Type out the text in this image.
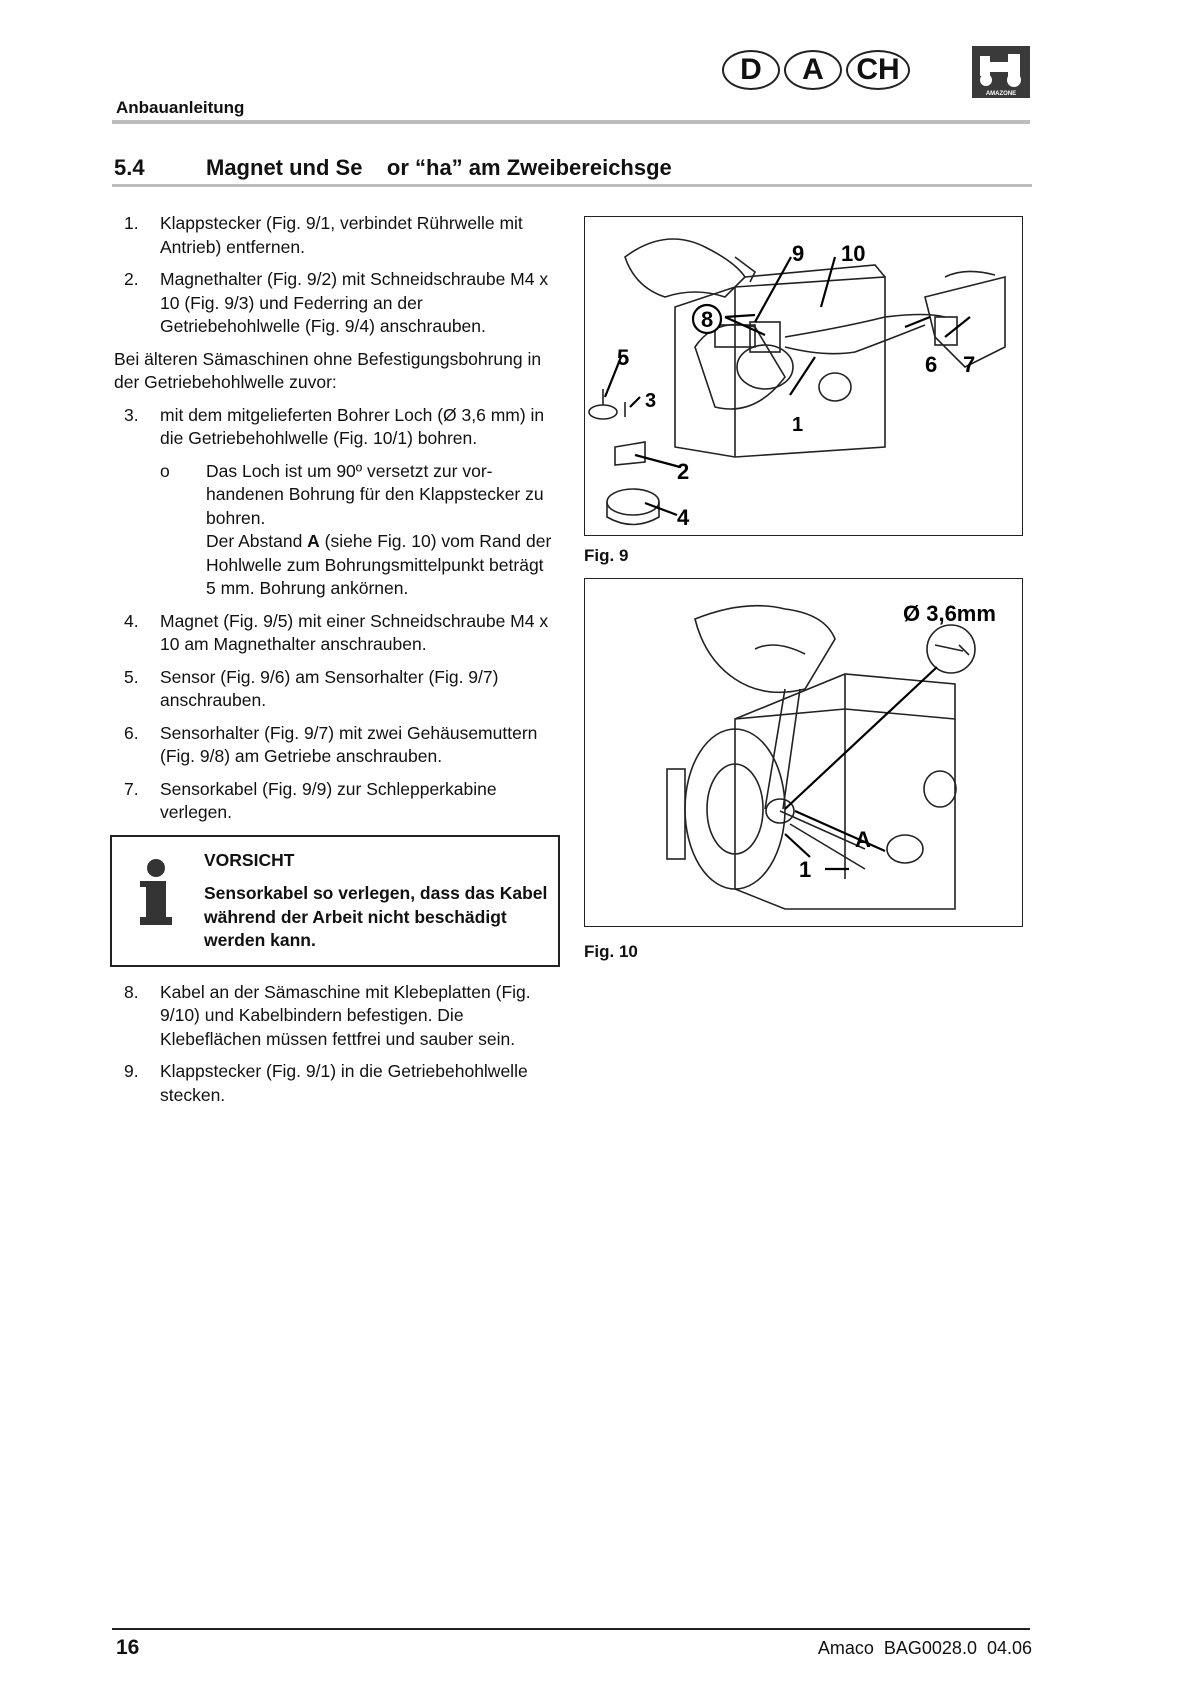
Anbauanleitung
D	A	CH
AMAZONE
5.4	Magnet und Se    or “ha” am Zweibereichsge
1.	Klappstecker (Fig. 9/1, verbindet Rührwelle mit Antrieb) entfernen.
2.	Magnethalter (Fig. 9/2) mit Schneidschraube M4 x 10 (Fig. 9/3) und Federring an der Getriebehohlwelle (Fig. 9/4) anschrauben.
Bei älteren Sämaschinen ohne Befestigungsbohrung in der Getriebehohlwelle zuvor:
3.	mit dem mitgelieferten Bohrer Loch (Ø 3,6 mm) in die Getriebehohlwelle (Fig. 10/1) bohren.
o	Das Loch ist um 90º versetzt zur vorhandenen Bohrung für den Klappstecker zu bohren.
Der Abstand A (siehe Fig. 10) vom Rand der Hohlwelle zum Bohrungsmittelpunkt beträgt 5 mm. Bohrung ankörnen.
4.	Magnet (Fig. 9/5) mit einer Schneidschraube M4 x 10 am Magnethalter anschrauben.
5.	Sensor (Fig. 9/6) am Sensorhalter (Fig. 9/7) anschrauben.
6.	Sensorhalter (Fig. 9/7) mit zwei Gehäusemuttern (Fig. 9/8) am Getriebe anschrauben.
7.	Sensorkabel (Fig. 9/9) zur Schlepperkabine verlegen.
VORSICHT
Sensorkabel so verlegen, dass das Kabel während der Arbeit nicht beschädigt werden kann.
8.	Kabel an der Sämaschine mit Klebeplatten (Fig. 9/10) und Kabelbindern befestigen. Die Klebeflächen müssen fettfrei und sauber sein.
9.	Klappstecker (Fig. 9/1) in die Getriebehohlwelle stecken.
9 10
8
5	6 7
3
1
2
4
Fig. 9
Ø 3,6mm
A
1
Fig. 10
16	Amaco  BAG0028.0  04.06
